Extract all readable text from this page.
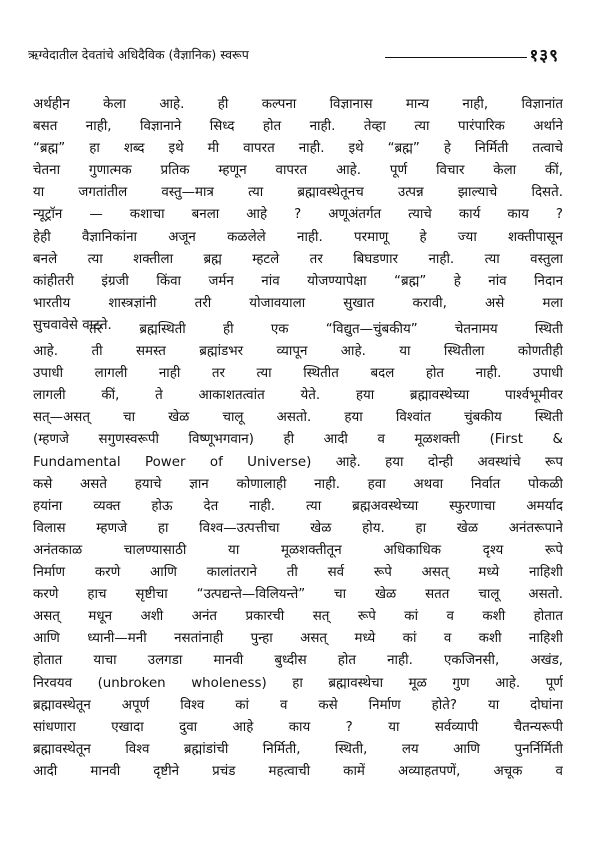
ऋग्वेदातील देवतांचे अधिदैविक (वैज्ञानिक) स्वरूप	१३९
अर्थहीन केला आहे. ही कल्पना विज्ञानास मान्य नाही, विज्ञानांत
बसत नाही, विज्ञानाने सिध्द होत नाही. तेव्हा त्या पारंपारिक अर्थाने
“ब्रह्म” हा शब्द इथे मी वापरत नाही. इथे “ब्रह्म” हे निर्मिती तत्वाचे
चेतना गुणात्मक प्रतिक म्हणून वापरत आहे. पूर्ण विचार केला कीं,
या जगतांतील वस्तु—मात्र त्या ब्रह्मावस्थेतूनच उत्पन्न झाल्याचे दिसते.
न्यूट्रॉन — कशाचा बनला आहे ? अणूअंतर्गत त्याचे कार्य काय ?
हेही वैज्ञानिकांना अजून कळलेले नाही. परमाणू हे ज्या शक्तीपासून
बनले त्या शक्तीला ब्रह्म म्हटले तर बिघडणार नाही. त्या वस्तुला
कांहीतरी इंग्रजी किंवा जर्मन नांव योजण्यापेक्षा “ब्रह्म” हे नांव निदान
भारतीय शास्त्रज्ञांनी तरी योजावयाला सुखात करावी, असे मला
सुचवावेसे वाटते.
तर ब्रह्मस्थिती ही एक “विद्युत—चुंबकीय” चेतनामय स्थिती
आहे. ती समस्त ब्रह्मांडभर व्यापून आहे. या स्थितीला कोणतीही
उपाधी लागली नाही तर त्या स्थितीत बदल होत नाही. उपाधी
लागली कीं, ते आकाशतत्वांत येते. हया ब्रह्मावस्थेच्या पार्श्वभूमीवर
सत्—असत् चा खेळ चालू असतो. हया विश्वांत चुंबकीय स्थिती
(म्हणजे सगुणस्वरूपी विष्णूभगवान) ही आदी व मूळशक्ती (First &
Fundamental Power of Universe) आहे. हया दोन्ही अवस्थांचे रूप
कसे असते हयाचे ज्ञान कोणालाही नाही. हवा अथवा निर्वात पोकळी
हयांना व्यक्त होऊ देत नाही. त्या ब्रह्मअवस्थेच्या स्फुरणाचा अमर्याद
विलास म्हणजे हा विश्व—उत्पत्तीचा खेळ होय. हा खेळ अनंतरूपाने
अनंतकाळ चालण्यासाठी या मूळशक्तीतून अधिकाधिक दृश्य रूपे
निर्माण करणे आणि कालांतराने ती सर्व रूपे असत् मध्ये नाहिशी
करणे हाच सृष्टीचा “उत्पद्यन्ते—विलियन्ते” चा खेळ सतत चालू असतो.
असत् मधून अशी अनंत प्रकारची सत् रूपे कां व कशी होतात
आणि ध्यानी—मनी नसतांनाही पुन्हा असत् मध्ये कां व कशी नाहिशी
होतात याचा उलगडा मानवी बुध्दीस होत नाही. एकजिनसी, अखंड,
निरवयव (unbroken wholeness) हा ब्रह्मावस्थेचा मूळ गुण आहे. पूर्ण
ब्रह्मावस्थेतून अपूर्ण विश्व कां व कसे निर्माण होते? या दोघांना
सांधणारा एखादा दुवा आहे काय ? या सर्वव्यापी चैतन्यरूपी
ब्रह्मावस्थेतून विश्व ब्रह्मांडांची निर्मिती, स्थिती, लय आणि पुनर्निर्मिती
आदी मानवी दृष्टीने प्रचंड महत्वाची कामें अव्याहतपणें, अचूक व
